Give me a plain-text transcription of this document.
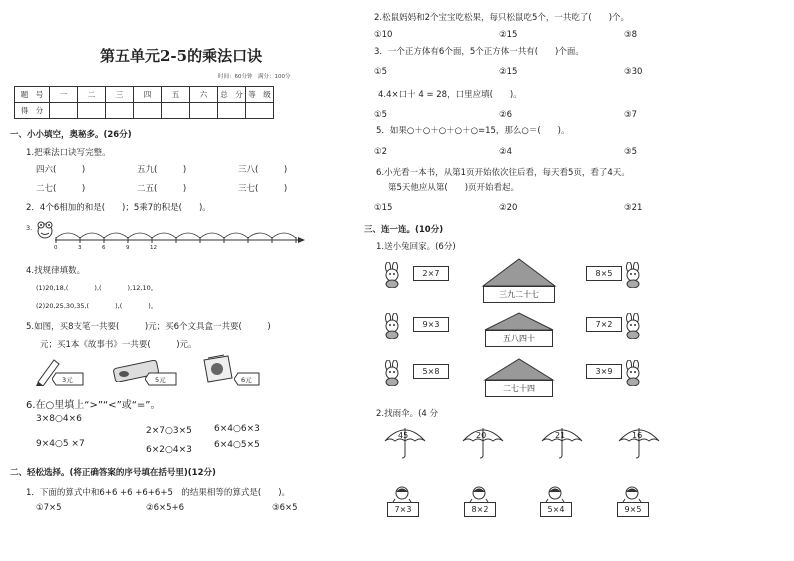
第五单元2-5的乘法口诀
时间：60分钟　满分：100分
题　号	一	二	三	四	五	六	总　分	等　级
得　分								
一、小小填空，奥秘多。(26分)
1.把乘法口诀写完整。
四六(　　　)	五九(　　　)	三八(　　　)
二七(　　　)	二五(　　　)	三七(　　　)
2．4个6相加的和是(　　)；5乘7的积是(　　)。
3.
4.找规律填数。
(1)20,18,(　　　　),(　　　　),12,10。
(2)20,25,30,35,(　　　　),(　　　　)。
5.如图，买8支笔一共要(　　　)元；买6个文具盒一共要(　　　)
元；买1本《故事书》一共要(　　　)元。
3元	5元	6元
6.在○里填上“>”“<”或“=”。
3×8○4×6
2×7○3×5 6×4○6×3
9×4○5 ×7
6×2○4×3 6×4○5×5
二、轻松选择。(将正确答案的序号填在括号里)(12分)
1．下面的算式中和6+6 +6 +6+6+5　的结果相等的算式是(　　)。
①7×5	②6×5+6	③6×5
2.松鼠妈妈和2个宝宝吃松果，每只松鼠吃5个，一共吃了(　　)个。
①10	②15	③8
3．一个正方体有6个面，5个正方体一共有(　　)个面。
①5	②15	③30
4.4×口十 4 = 28，口里应填(　　)。
①5	②6	③7
5．如果○＋○＋○＋○＋○=15，那么○＝(　　)。
①2	②4	③5
6.小光看一本书，从第1页开始依次往后看，每天看5页，看了4天。
第5天他应从第(　　)页开始看起。
①15	②20	③21
三、连一连。(10分)
1.送小兔回家。(6分)
2.找雨伞。(4 分
0	3	6	9	12
2×7
9×3
5×8
8×5
7×2
3×9
三九二十七
五八四十
二七十四
45	20	21	16
7×3	8×2	5×4	9×5
